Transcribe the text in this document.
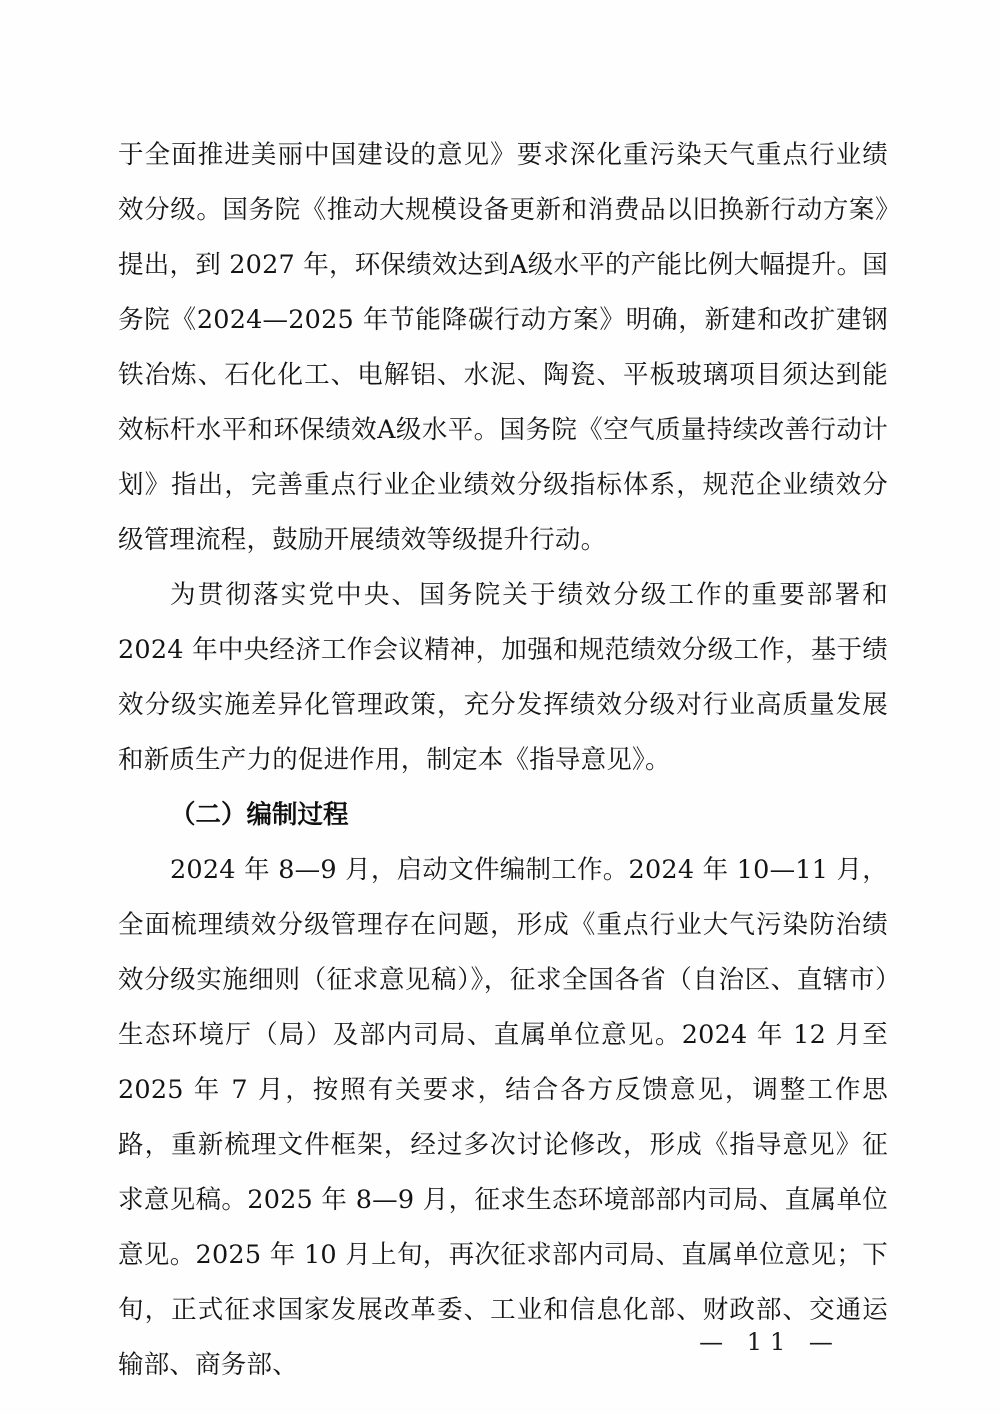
于全面推进美丽中国建设的意见》要求深化重污染天气重点行业绩效分级。国务院《推动大规模设备更新和消费品以旧换新行动方案》提出，到 2027 年，环保绩效达到A级水平的产能比例大幅提升。国务院《2024—2025 年节能降碳行动方案》明确，新建和改扩建钢铁冶炼、石化化工、电解铝、水泥、陶瓷、平板玻璃项目须达到能效标杆水平和环保绩效A级水平。国务院《空气质量持续改善行动计划》指出，完善重点行业企业绩效分级指标体系，规范企业绩效分级管理流程，鼓励开展绩效等级提升行动。

为贯彻落实党中央、国务院关于绩效分级工作的重要部署和 2024 年中央经济工作会议精神，加强和规范绩效分级工作，基于绩效分级实施差异化管理政策，充分发挥绩效分级对行业高质量发展和新质生产力的促进作用，制定本《指导意见》。

（二）编制过程

2024 年 8—9 月，启动文件编制工作。2024 年 10—11 月，全面梳理绩效分级管理存在问题，形成《重点行业大气污染防治绩效分级实施细则（征求意见稿）》，征求全国各省（自治区、直辖市）生态环境厅（局）及部内司局、直属单位意见。2024 年 12 月至 2025 年 7 月，按照有关要求，结合各方反馈意见，调整工作思路，重新梳理文件框架，经过多次讨论修改，形成《指导意见》征求意见稿。2025 年 8—9 月，征求生态环境部部内司局、直属单位意见。2025 年 10 月上旬，再次征求部内司局、直属单位意见；下旬，正式征求国家发展改革委、工业和信息化部、财政部、交通运输部、商务部、

— 11 —
